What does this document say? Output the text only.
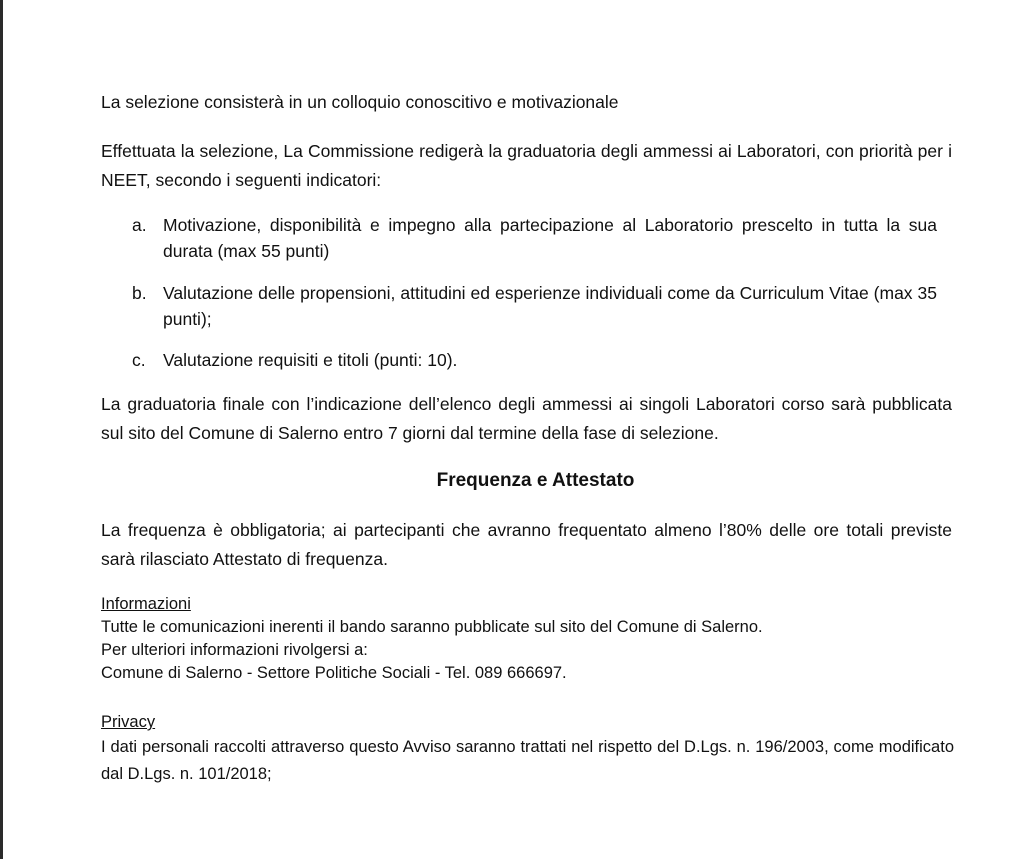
La selezione consisterà in un colloquio conoscitivo e motivazionale

Effettuata la selezione, La Commissione redigerà la graduatoria degli ammessi ai Laboratori, con priorità per i NEET, secondo i seguenti indicatori:

a. Motivazione, disponibilità e impegno alla partecipazione al Laboratorio prescelto in tutta la sua durata (max 55 punti)
b. Valutazione delle propensioni, attitudini ed esperienze individuali come da Curriculum Vitae (max 35 punti);
c. Valutazione requisiti e titoli (punti: 10).

La graduatoria finale con l’indicazione dell’elenco degli ammessi ai singoli Laboratori corso sarà pubblicata sul sito del Comune di Salerno entro 7 giorni dal termine della fase di selezione.

Frequenza e Attestato

La frequenza è obbligatoria; ai partecipanti che avranno frequentato almeno l’80% delle ore totali previste sarà rilasciato Attestato di frequenza.

Informazioni
Tutte le comunicazioni inerenti il bando saranno pubblicate sul sito del Comune di Salerno.
Per ulteriori informazioni rivolgersi a:
Comune di Salerno - Settore Politiche Sociali - Tel. 089 666697.
Privacy
I dati personali raccolti attraverso questo Avviso saranno trattati nel rispetto del D.Lgs. n. 196/2003, come modificato dal D.Lgs. n. 101/2018;
